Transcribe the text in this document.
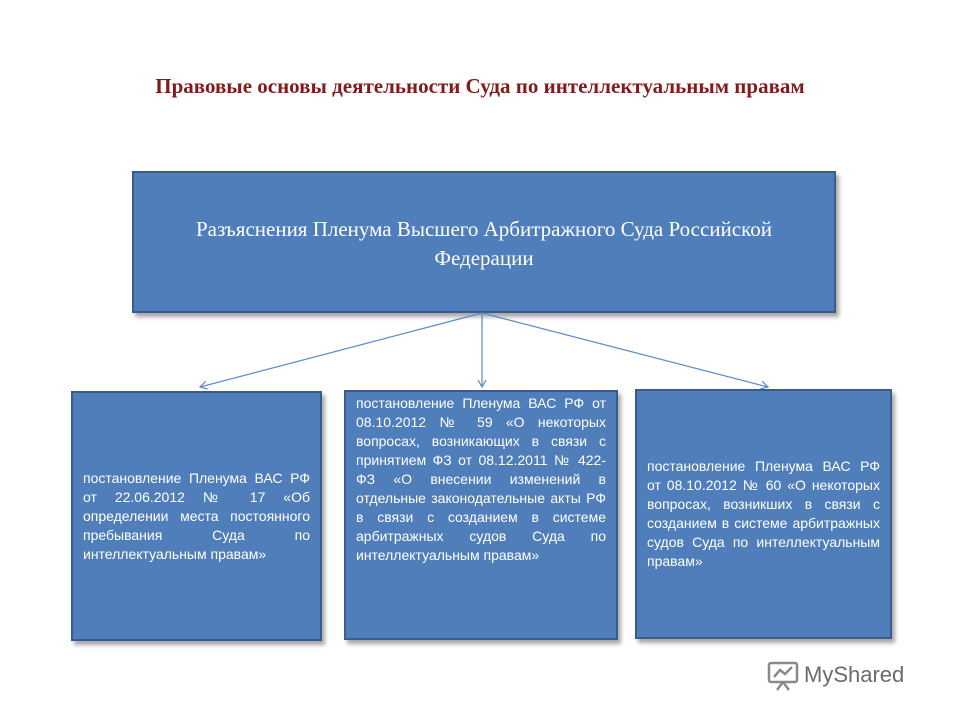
Правовые основы деятельности Суда по интеллектуальным правам
Разъяснения Пленума Высшего Арбитражного Суда Российской Федерации
постановление Пленума ВАС РФ от 22.06.2012 № 17 «Об определении места постоянного пребывания Суда по интеллектуальным правам»
постановление Пленума ВАС РФ от 08.10.2012 № 59 «О некоторых вопросах, возникающих в связи с принятием ФЗ от 08.12.2011 № 422-ФЗ «О внесении изменений в отдельные законодательные акты РФ в связи с созданием в системе арбитражных судов Суда по интеллектуальным правам»
постановление Пленума ВАС РФ от 08.10.2012 № 60 «О некоторых вопросах, возникших в связи с созданием в системе арбитражных судов Суда по интеллектуальным правам»
MyShared
